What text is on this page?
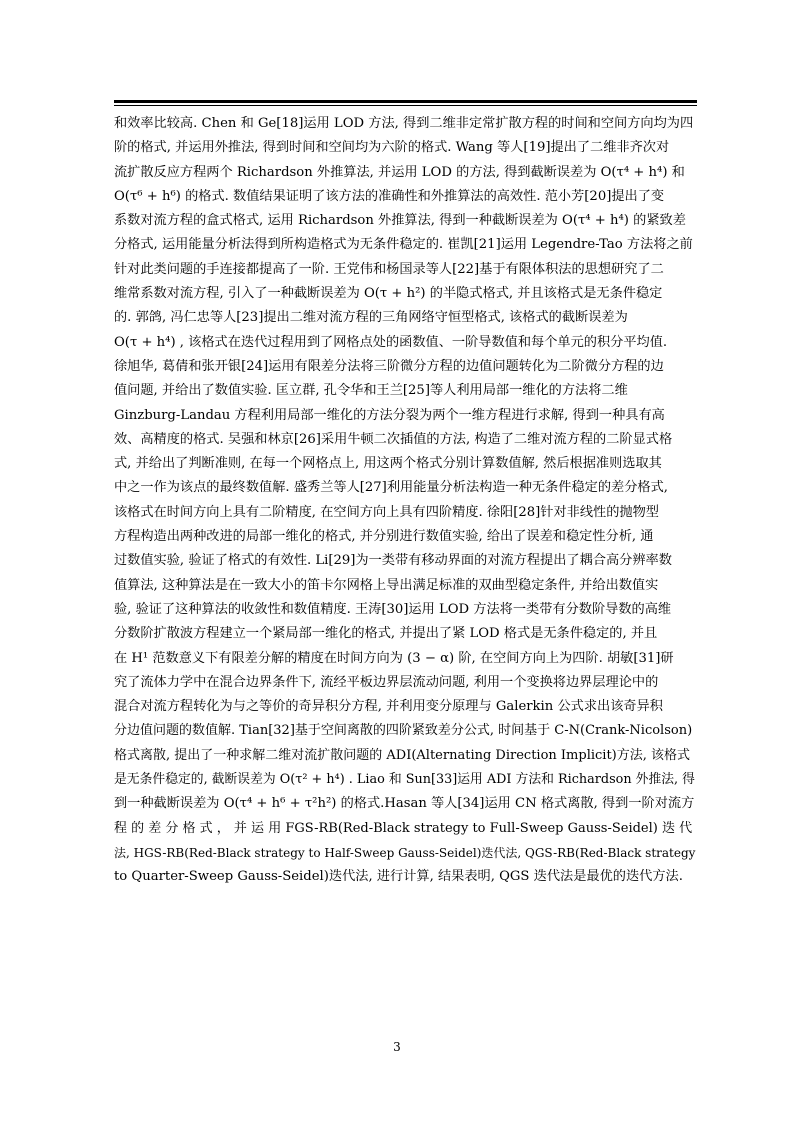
和效率比较高. Chen 和 Ge[18]运用 LOD 方法, 得到二维非定常扩散方程的时间和空间方向均为四
阶的格式, 并运用外推法, 得到时间和空间均为六阶的格式. Wang 等人[19]提出了二维非齐次对
流扩散反应方程两个 Richardson 外推算法, 并运用 LOD 的方法, 得到截断误差为 O(τ⁴ + h⁴) 和
O(τ⁶ + h⁶) 的格式. 数值结果证明了该方法的准确性和外推算法的高效性. 范小芳[20]提出了变
系数对流方程的盒式格式, 运用 Richardson 外推算法, 得到一种截断误差为 O(τ⁴ + h⁴) 的紧致差
分格式, 运用能量分析法得到所构造格式为无条件稳定的. 崔凯[21]运用 Legendre-Tao 方法将之前
针对此类问题的手连接都提高了一阶. 王党伟和杨国录等人[22]基于有限体积法的思想研究了二
维常系数对流方程, 引入了一种截断误差为 O(τ + h²) 的半隐式格式, 并且该格式是无条件稳定
的. 郭鸽, 冯仁忠等人[23]提出二维对流方程的三角网络守恒型格式, 该格式的截断误差为
O(τ + h⁴) , 该格式在迭代过程用到了网格点处的函数值、一阶导数值和每个单元的积分平均值.
徐旭华, 葛倩和张开银[24]运用有限差分法将三阶微分方程的边值问题转化为二阶微分方程的边
值问题, 并给出了数值实验. 匡立群, 孔令华和王兰[25]等人利用局部一维化的方法将二维
Ginzburg-Landau 方程利用局部一维化的方法分裂为两个一维方程进行求解, 得到一种具有高
效、高精度的格式. 吴强和林京[26]采用牛顿二次插值的方法, 构造了二维对流方程的二阶显式格
式, 并给出了判断准则, 在每一个网格点上, 用这两个格式分别计算数值解, 然后根据准则选取其
中之一作为该点的最终数值解. 盛秀兰等人[27]利用能量分析法构造一种无条件稳定的差分格式,
该格式在时间方向上具有二阶精度, 在空间方向上具有四阶精度. 徐阳[28]针对非线性的抛物型
方程构造出两种改进的局部一维化的格式, 并分别进行数值实验, 给出了误差和稳定性分析, 通
过数值实验, 验证了格式的有效性. Li[29]为一类带有移动界面的对流方程提出了耦合高分辨率数
值算法, 这种算法是在一致大小的笛卡尔网格上导出满足标准的双曲型稳定条件, 并给出数值实
验, 验证了这种算法的收敛性和数值精度. 王涛[30]运用 LOD 方法将一类带有分数阶导数的高维
分数阶扩散波方程建立一个紧局部一维化的格式, 并提出了紧 LOD 格式是无条件稳定的, 并且
在 H¹ 范数意义下有限差分解的精度在时间方向为 (3 − α) 阶, 在空间方向上为四阶. 胡敏[31]研
究了流体力学中在混合边界条件下, 流经平板边界层流动问题, 利用一个变换将边界层理论中的
混合对流方程转化为与之等价的奇异积分方程, 并利用变分原理与 Galerkin 公式求出该奇异积
分边值问题的数值解. Tian[32]基于空间离散的四阶紧致差分公式, 时间基于 C-N(Crank-Nicolson)
格式离散, 提出了一种求解二维对流扩散问题的 ADI(Alternating Direction Implicit)方法, 该格式
是无条件稳定的, 截断误差为 O(τ² + h⁴) . Liao 和 Sun[33]运用 ADI 方法和 Richardson 外推法, 得
到一种截断误差为 O(τ⁴ + h⁶ + τ²h²) 的格式.Hasan 等人[34]运用 CN 格式离散, 得到一阶对流方
程 的 差 分 格 式 ， 并 运 用 FGS-RB(Red-Black strategy to Full-Sweep Gauss-Seidel) 迭 代
法, HGS-RB(Red-Black strategy to Half-Sweep Gauss-Seidel)迭代法, QGS-RB(Red-Black strategy
to Quarter-Sweep Gauss-Seidel)迭代法, 进行计算, 结果表明, QGS 迭代法是最优的迭代方法.
3
